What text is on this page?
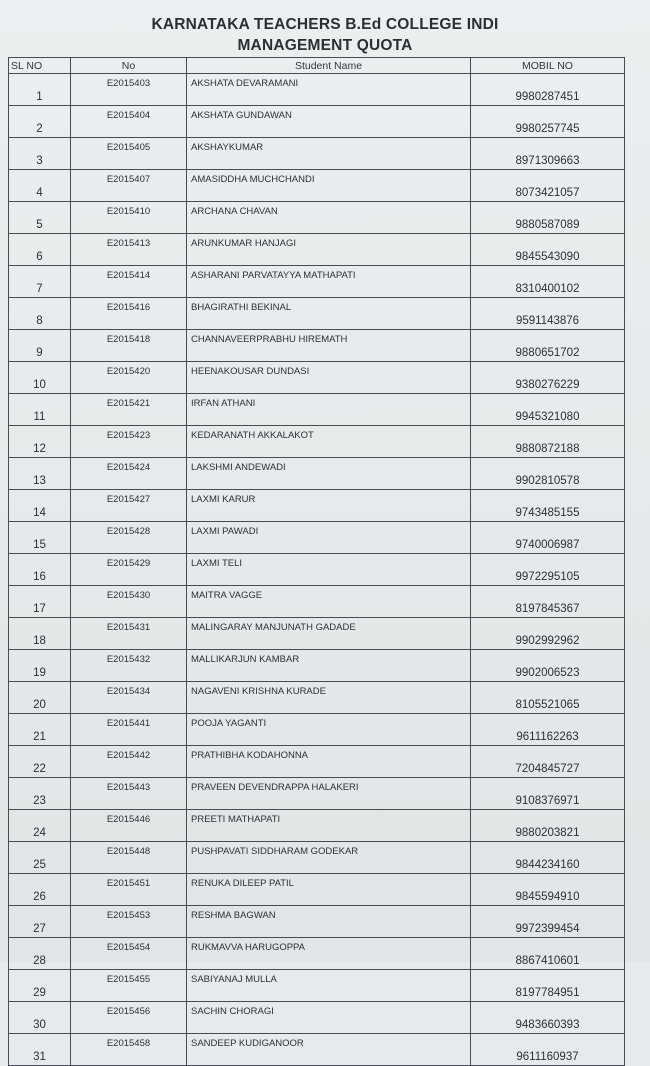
KARNATAKA TEACHERS B.Ed COLLEGE INDI
MANAGEMENT QUOTA
SL NO	No	Student Name	MOBIL NO
1	E2015403	AKSHATA DEVARAMANI	9980287451
2	E2015404	AKSHATA GUNDAWAN	9980257745
3	E2015405	AKSHAYKUMAR	8971309663
4	E2015407	AMASIDDHA MUCHCHANDI	8073421057
5	E2015410	ARCHANA CHAVAN	9880587089
6	E2015413	ARUNKUMAR HANJAGI	9845543090
7	E2015414	ASHARANI PARVATAYYA MATHAPATI	8310400102
8	E2015416	BHAGIRATHI BEKINAL	9591143876
9	E2015418	CHANNAVEERPRABHU HIREMATH	9880651702
10	E2015420	HEENAKOUSAR DUNDASI	9380276229
11	E2015421	IRFAN ATHANI	9945321080
12	E2015423	KEDARANATH AKKALAKOT	9880872188
13	E2015424	LAKSHMI ANDEWADI	9902810578
14	E2015427	LAXMI KARUR	9743485155
15	E2015428	LAXMI PAWADI	9740006987
16	E2015429	LAXMI TELI	9972295105
17	E2015430	MAITRA VAGGE	8197845367
18	E2015431	MALINGARAY MANJUNATH GADADE	9902992962
19	E2015432	MALLIKARJUN KAMBAR	9902006523
20	E2015434	NAGAVENI KRISHNA KURADE	8105521065
21	E2015441	POOJA YAGANTI	9611162263
22	E2015442	PRATHIBHA KODAHONNA	7204845727
23	E2015443	PRAVEEN DEVENDRAPPA HALAKERI	9108376971
24	E2015446	PREETI MATHAPATI	9880203821
25	E2015448	PUSHPAVATI SIDDHARAM GODEKAR	9844234160
26	E2015451	RENUKA DILEEP PATIL	9845594910
27	E2015453	RESHMA BAGWAN	9972399454
28	E2015454	RUKMAVVA HARUGOPPA	8867410601
29	E2015455	SABIYANAJ MULLA	8197784951
30	E2015456	SACHIN CHORAGI	9483660393
31	E2015458	SANDEEP KUDIGANOOR	9611160937
